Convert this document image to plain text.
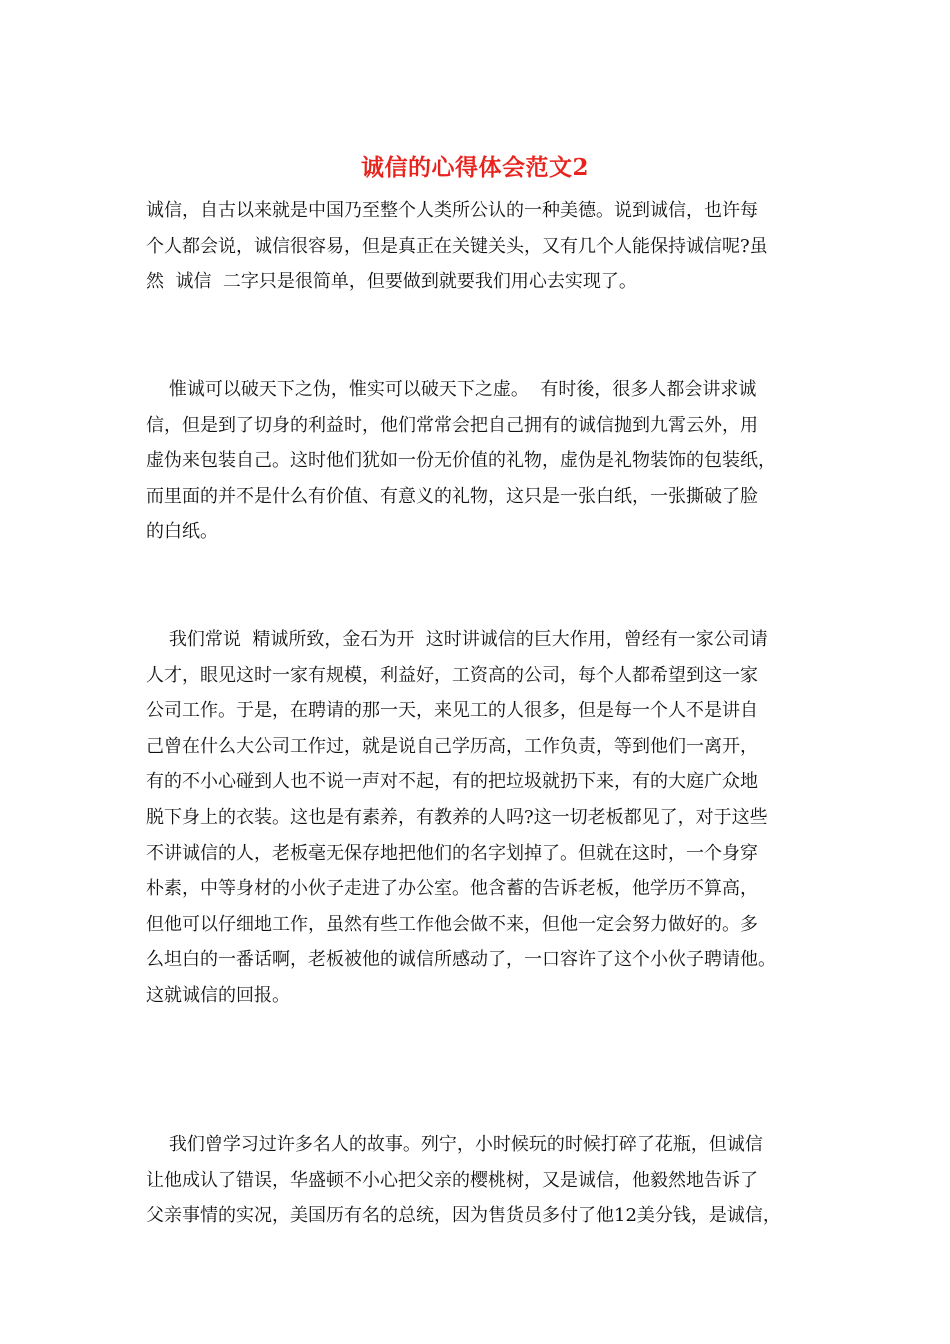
诚信的心得体会范文2
诚信，自古以来就是中国乃至整个人类所公认的一种美德。说到诚信，也许每
个人都会说，诚信很容易，但是真正在关键关头，又有几个人能保持诚信呢?虽
然  诚信  二字只是很简单，但要做到就要我们用心去实现了。
惟诚可以破天下之伪，惟实可以破天下之虚。  有时後，很多人都会讲求诚
信，但是到了切身的利益时，他们常常会把自己拥有的诚信抛到九霄云外，用
虚伪来包装自己。这时他们犹如一份无价值的礼物，虚伪是礼物装饰的包装纸，
而里面的并不是什么有价值、有意义的礼物，这只是一张白纸，一张撕破了脸
的白纸。
我们常说  精诚所致，金石为开  这时讲诚信的巨大作用，曾经有一家公司请
人才，眼见这时一家有规模，利益好，工资高的公司，每个人都希望到这一家
公司工作。于是，在聘请的那一天，来见工的人很多，但是每一个人不是讲自
己曾在什么大公司工作过，就是说自己学历高，工作负责，等到他们一离开，
有的不小心碰到人也不说一声对不起，有的把垃圾就扔下来，有的大庭广众地
脱下身上的衣装。这也是有素养，有教养的人吗?这一切老板都见了，对于这些
不讲诚信的人，老板毫无保存地把他们的名字划掉了。但就在这时，一个身穿
朴素，中等身材的小伙子走进了办公室。他含蓄的告诉老板，他学历不算高，
但他可以仔细地工作，虽然有些工作他会做不来，但他一定会努力做好的。多
么坦白的一番话啊，老板被他的诚信所感动了，一口容许了这个小伙子聘请他。
这就诚信的回报。
我们曾学习过许多名人的故事。列宁，小时候玩的时候打碎了花瓶，但诚信
让他成认了错误，华盛顿不小心把父亲的樱桃树，又是诚信，他毅然地告诉了
父亲事情的实况，美国历有名的总统，因为售货员多付了他12美分钱，是诚信，
